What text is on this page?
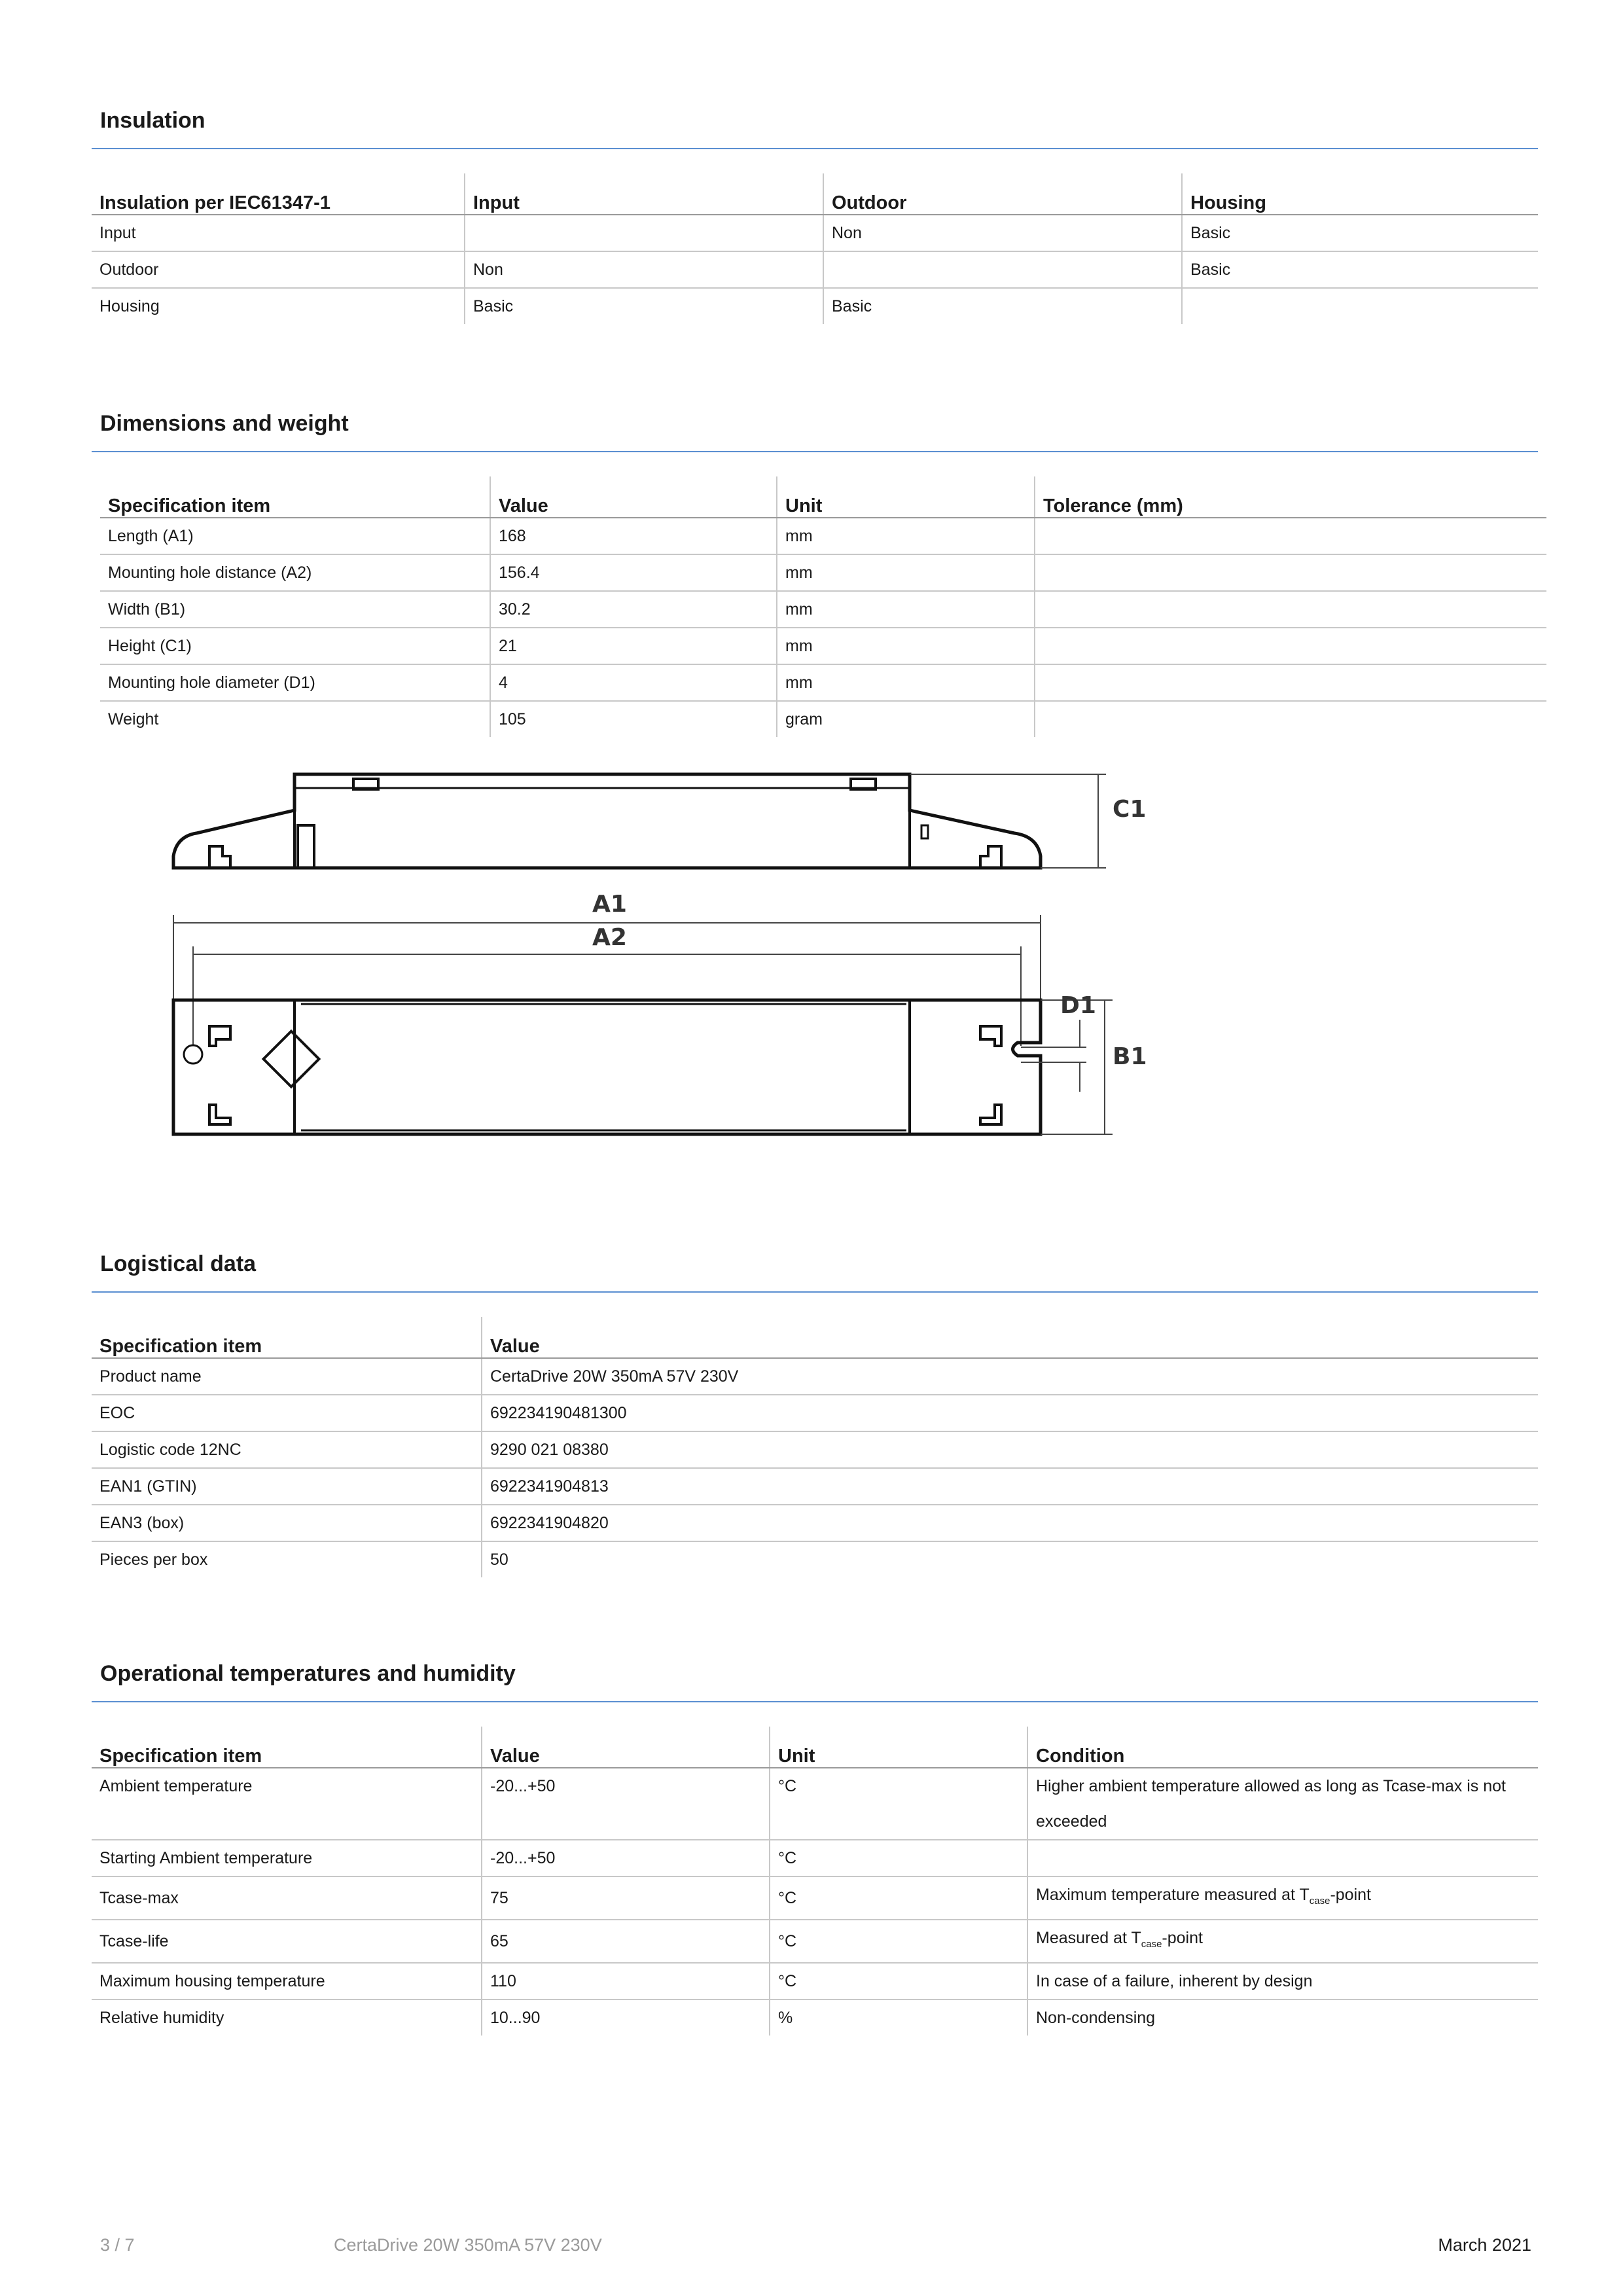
Insulation
Insulation per IEC61347-1	Input	Outdoor	Housing
Input		Non	Basic
Outdoor	Non		Basic
Housing	Basic	Basic	
Dimensions and weight
Specification item	Value	Unit	Tolerance (mm)
Length (A1)	168	mm	
Mounting hole distance (A2)	156.4	mm	
Width (B1)	30.2	mm	
Height (C1)	21	mm	
Mounting hole diameter (D1)	4	mm	
Weight	105	gram	
C1
A1
A2
D1
B1
Logistical data
Specification item	Value
Product name	CertaDrive 20W 350mA 57V 230V
EOC	692234190481300
Logistic code 12NC	9290 021 08380
EAN1 (GTIN)	6922341904813
EAN3 (box)	6922341904820
Pieces per box	50
Operational temperatures and humidity
Specification item	Value	Unit	Condition
Ambient temperature	-20...+50	°C	Higher ambient temperature allowed as long as Tcase-max is not exceeded
Starting Ambient temperature	-20...+50	°C	
Tcase-max	75	°C	Maximum temperature measured at $T_{case}$-point
Tcase-life	65	°C	Measured at $T_{case}$-point
Maximum housing temperature	110	°C	In case of a failure, inherent by design
Relative humidity	10...90	%	Non-condensing
3 / 7	CertaDrive 20W 350mA 57V 230V	March 2021
